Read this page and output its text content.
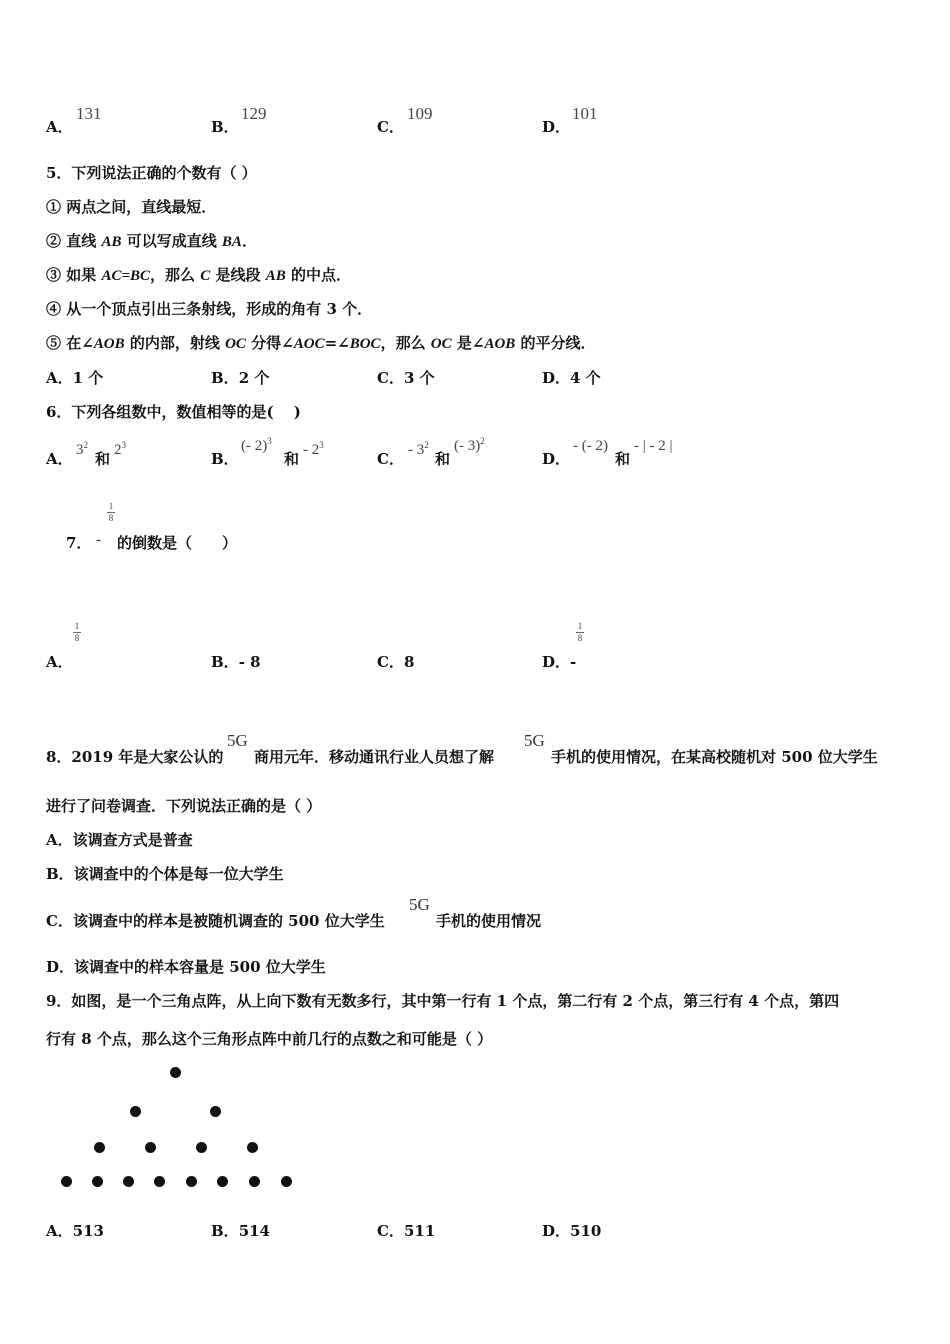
A．
131
B．
129
C．
109
D．
101
5．下列说法正确的个数有（ ）
① 两点之间，直线最短．
② 直线 AB 可以写成直线 BA．
③ 如果 AC=BC，那么 C 是线段 AB 的中点．
④ 从一个顶点引出三条射线，形成的角有 3 个．
⑤ 在∠AOB 的内部，射线 OC 分得∠AOC=∠BOC，那么 OC 是∠AOB 的平分线．
A．1 个	B．2 个	C．3 个	D．4 个
6．下列各组数中，数值相等的是(　 )
A． $3^2$
和 $2^3$
B．
(- 2)$^3$
和 - $2^3$
C． - $3^2$
和
(- 3)$^2$
D．
- (- 2)
和
- | - 2 |
7． -
1
8
的倒数是（　　）
A．
1
8
B．- 8	C．8	D．-
1
8
8．2019 年是大家公认的
5G
商用元年．移动通讯行业人员想了解
5G
手机的使用情况，在某高校随机对 500 位大学生
进行了问卷调查．下列说法正确的是（ ）
A．该调查方式是普查
B．该调查中的个体是每一位大学生
C．该调查中的样本是被随机调查的 500 位大学生
5G
手机的使用情况
D．该调查中的样本容量是 500 位大学生
9．如图，是一个三角点阵，从上向下数有无数多行，其中第一行有 1 个点，第二行有 2 个点，第三行有 4 个点，第四
行有 8 个点，那么这个三角形点阵中前几行的点数之和可能是（ ）
A．513	B．514	C．511	D．510
